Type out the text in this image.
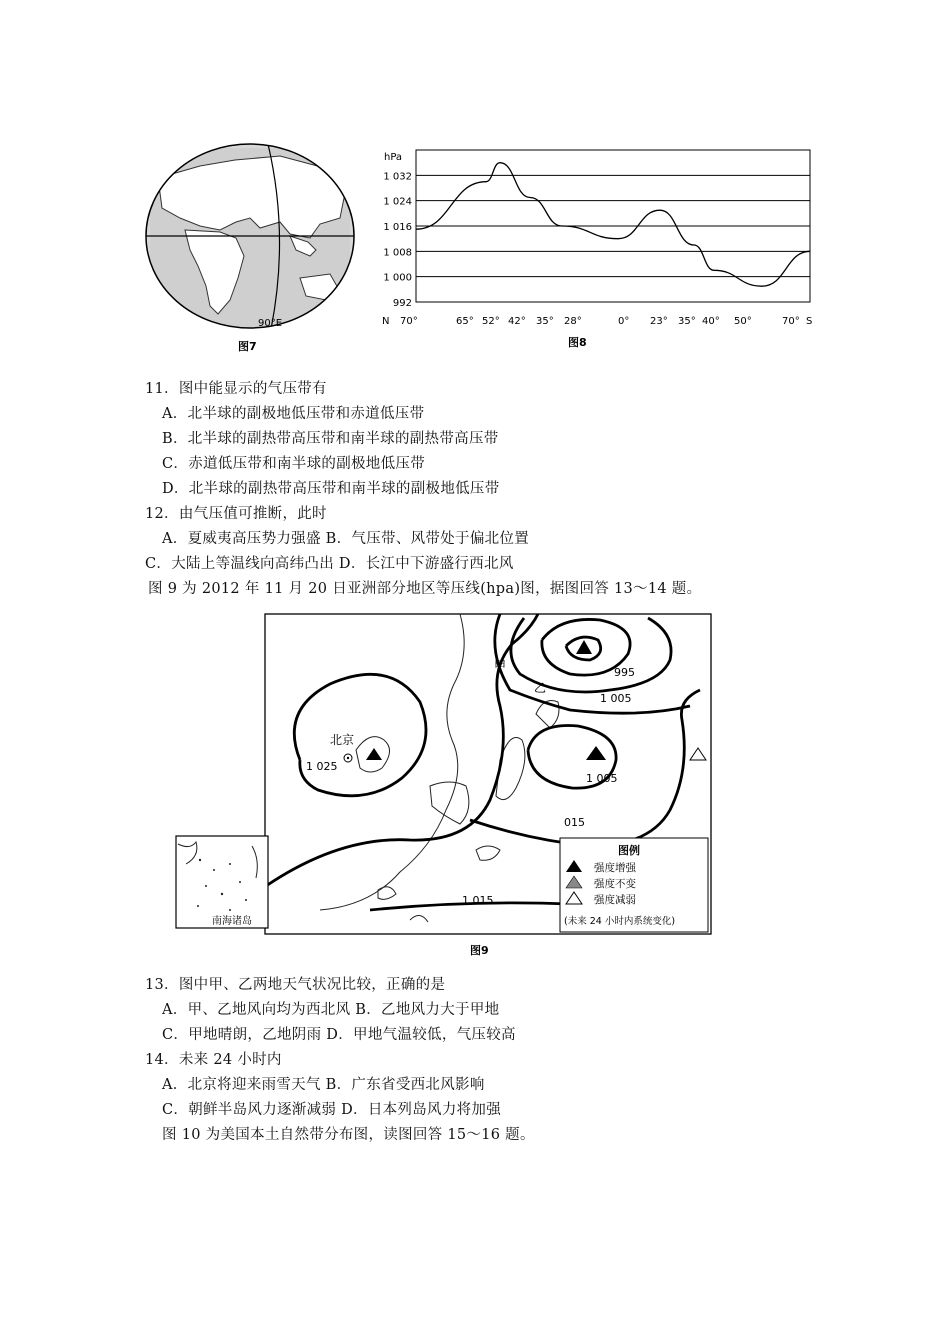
90°E
图7
hPa
1 032
1 024
1 016
1 008
1 000
992
N 70°	65° 52° 42° 35° 28°	0° 23° 35° 40° 50°	70° S
图8
11．图中能显示的气压带有
A．北半球的副极地低压带和赤道低压带
B．北半球的副热带高压带和南半球的副热带高压带
C．赤道低压带和南半球的副极地低压带
D．北半球的副热带高压带和南半球的副极地低压带
12．由气压值可推断，此时
A．夏威夷高压势力强盛 B．气压带、风带处于偏北位置
C．大陆上等温线向高纬凸出 D．长江中下游盛行西北风
图 9 为 2012 年 11 月 20 日亚洲部分地区等压线(hpa)图，据图回答 13～14 题。
北京
甲
乙
1 025
995
1 005
1 005
015
1 015
南海诸岛
图例
强度增强
强度不变
强度减弱
(未来 24 小时内系统变化)
图9
13．图中甲、乙两地天气状况比较，正确的是
A．甲、乙地风向均为西北风 B．乙地风力大于甲地
C．甲地晴朗，乙地阴雨 D．甲地气温较低，气压较高
14．未来 24 小时内
A．北京将迎来雨雪天气 B．广东省受西北风影响
C．朝鲜半岛风力逐渐减弱 D．日本列岛风力将加强
图 10 为美国本土自然带分布图，读图回答 15～16 题。
